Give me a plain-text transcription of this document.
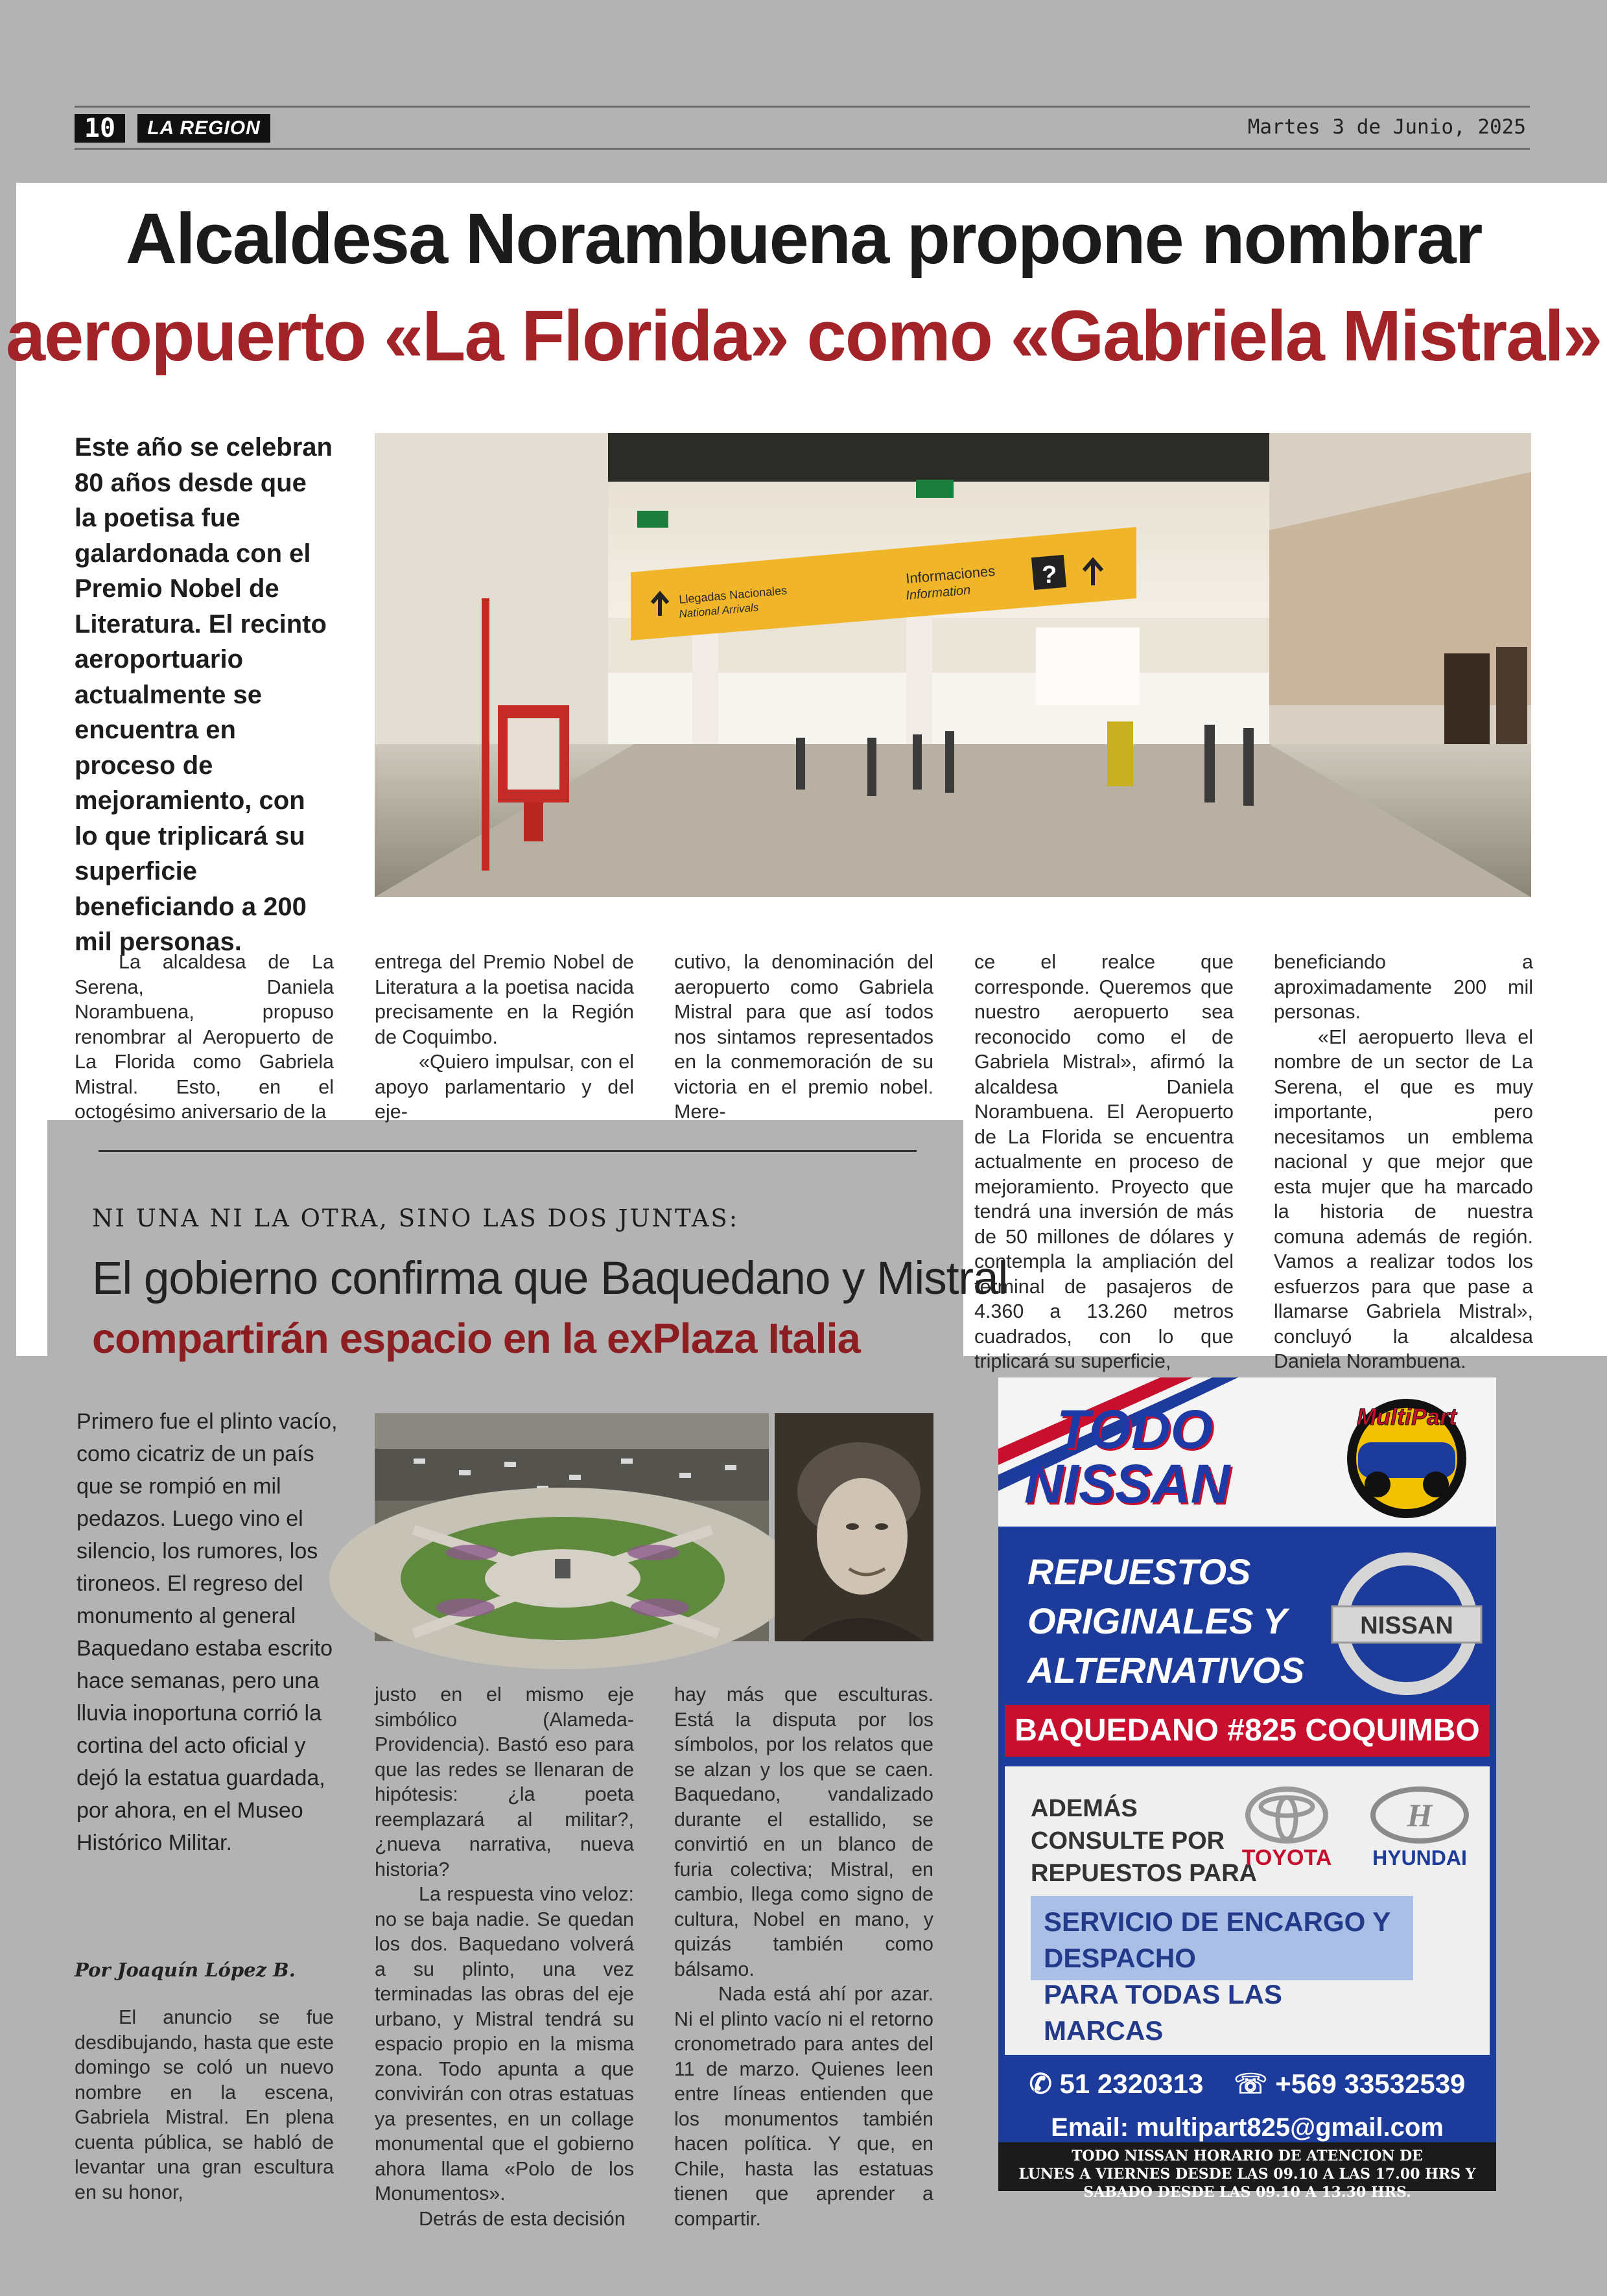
10	LA REGION	Martes 3 de Junio, 2025
Alcaldesa Norambuena propone nombrar
aeropuerto «La Florida» como «Gabriela Mistral»

Este año se celebran 80 años desde que la poetisa fue galardonada con el Premio Nobel de Literatura. El recinto aeroportuario actualmente se encuentra en proceso de mejoramiento, con lo que triplicará su superficie beneficiando a 200 mil personas.

Llegadas Nacionales
National Arrivals
Informaciones
Information
?

La alcaldesa de La Serena, Daniela Norambuena, propuso renombrar al Aeropuerto de La Florida como Gabriela Mistral. Esto, en el octogésimo aniversario de la

entrega del Premio Nobel de Literatura a la poetisa nacida precisamente en la Región de Coquimbo.

«Quiero impulsar, con el apoyo parlamentario y del eje-

cutivo, la denominación del aeropuerto como Gabriela Mistral para que así todos nos sintamos representados en la conmemoración de su victoria en el premio nobel. Mere-

ce el realce que corresponde. Queremos que nuestro aeropuerto sea reconocido como el de Gabriela Mistral», afirmó la alcaldesa Daniela Norambuena. El Aeropuerto de La Florida se encuentra actualmente en proceso de mejoramiento. Proyecto que tendrá una inversión de más de 50 millones de dólares y contempla la ampliación del terminal de pasajeros de 4.360 a 13.260 metros cuadrados, con lo que triplicará su superficie,

beneficiando a aproximadamente 200 mil personas.

«El aeropuerto lleva el nombre de un sector de La Serena, el que es muy importante, pero necesitamos un emblema nacional y que mejor que esta mujer que ha marcado la historia de nuestra comuna además de región. Vamos a realizar todos los esfuerzos para que pase a llamarse Gabriela Mistral», concluyó la alcaldesa Daniela Norambuena.

NI UNA NI LA OTRA, SINO LAS DOS JUNTAS:
El gobierno confirma que Baquedano y Mistral
compartirán espacio en la exPlaza Italia

Primero fue el plinto vacío, como cicatriz de un país que se rompió en mil pedazos. Luego vino el silencio, los rumores, los tironeos. El regreso del monumento al general Baquedano estaba escrito hace semanas, pero una lluvia inoportuna corrió la cortina del acto oficial y dejó la estatua guardada, por ahora, en el Museo Histórico Militar.

Por Joaquín López B.

El anuncio se fue desdibujando, hasta que este domingo se coló un nuevo nombre en la escena, Gabriela Mistral. En plena cuenta pública, se habló de levantar una gran escultura en su honor,

justo en el mismo eje simbólico (Alameda-Providencia). Bastó eso para que las redes se llenaran de hipótesis: ¿la poeta reemplazará al militar?, ¿nueva narrativa, nueva historia?

La respuesta vino veloz: no se baja nadie. Se quedan los dos. Baquedano volverá a su plinto, una vez terminadas las obras del eje urbano, y Mistral tendrá su espacio propio en la misma zona. Todo apunta a que convivirán con otras estatuas ya presentes, en un collage monumental que el gobierno ahora llama «Polo de los Monumentos».

Detrás de esta decisión

hay más que esculturas. Está la disputa por los símbolos, por los relatos que se alzan y los que se caen. Baquedano, vandalizado durante el estallido, se convirtió en un blanco de furia colectiva; Mistral, en cambio, llega como signo de cultura, Nobel en mano, y quizás también como bálsamo.

Nada está ahí por azar. Ni el plinto vacío ni el retorno cronometrado para antes del 11 de marzo. Quienes leen entre líneas entienden que los monumentos también hacen política. Y que, en Chile, hasta las estatuas tienen que aprender a compartir.

TODO
NISSAN
MultiPart
REPUESTOS
ORIGINALES Y
ALTERNATIVOS
NISSAN
BAQUEDANO #825 COQUIMBO
ADEMÁS
CONSULTE POR
REPUESTOS PARA
TOYOTA
H
HYUNDAI
SERVICIO DE ENCARGO Y DESPACHO
PARA TODAS LAS MARCAS
✆ 51 2320313 ☏ +569 33532539
Email: multipart825@gmail.com
TODO NISSAN HORARIO DE ATENCION DE
LUNES A VIERNES DESDE LAS 09.10 A LAS 17.00 HRS Y
SABADO DESDE LAS 09.10 A 13.30 HRS.
